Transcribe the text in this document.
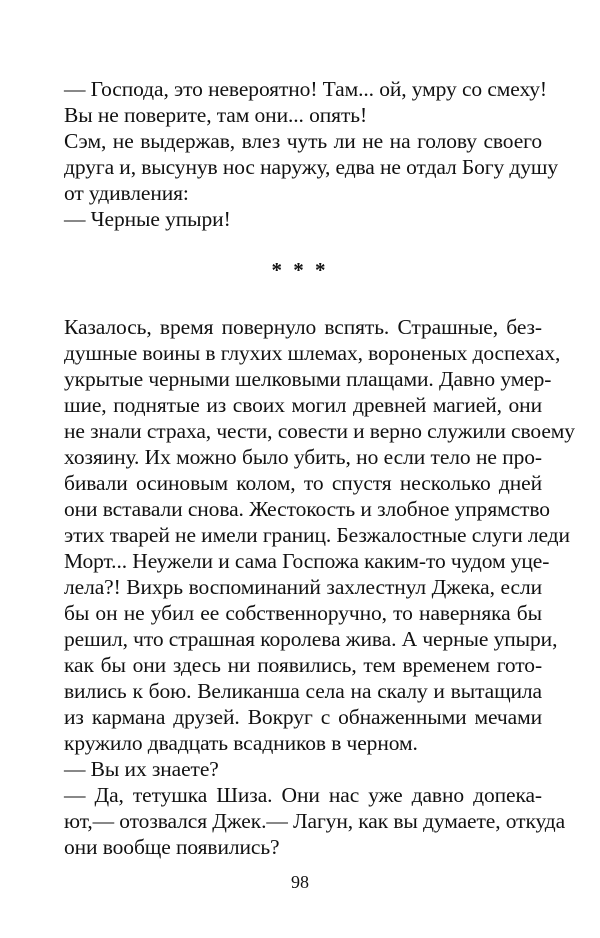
— Господа, это невероятно! Там... ой, умру со смеху!
Вы не поверите, там они... опять!
Сэм, не выдержав, влез чуть ли не на голову своего
друга и, высунув нос наружу, едва не отдал Богу душу
от удивления:
— Черные упыри!
* * *
Казалось, время повернуло вспять. Страшные, без-
душные воины в глухих шлемах, вороненых доспехах,
укрытые черными шелковыми плащами. Давно умер-
шие, поднятые из своих могил древней магией, они
не знали страха, чести, совести и верно служили своему
хозяину. Их можно было убить, но если тело не про-
бивали осиновым колом, то спустя несколько дней
они вставали снова. Жестокость и злобное упрямство
этих тварей не имели границ. Безжалостные слуги леди
Морт... Неужели и сама Госпожа каким-то чудом уце-
лела?! Вихрь воспоминаний захлестнул Джека, если
бы он не убил ее собственноручно, то наверняка бы
решил, что страшная королева жива. А черные упыри,
как бы они здесь ни появились, тем временем гото-
вились к бою. Великанша села на скалу и вытащила
из кармана друзей. Вокруг с обнаженными мечами
кружило двадцать всадников в черном.
— Вы их знаете?
— Да, тетушка Шиза. Они нас уже давно допека-
ют,— отозвался Джек.— Лагун, как вы думаете, откуда
они вообще появились?
98
